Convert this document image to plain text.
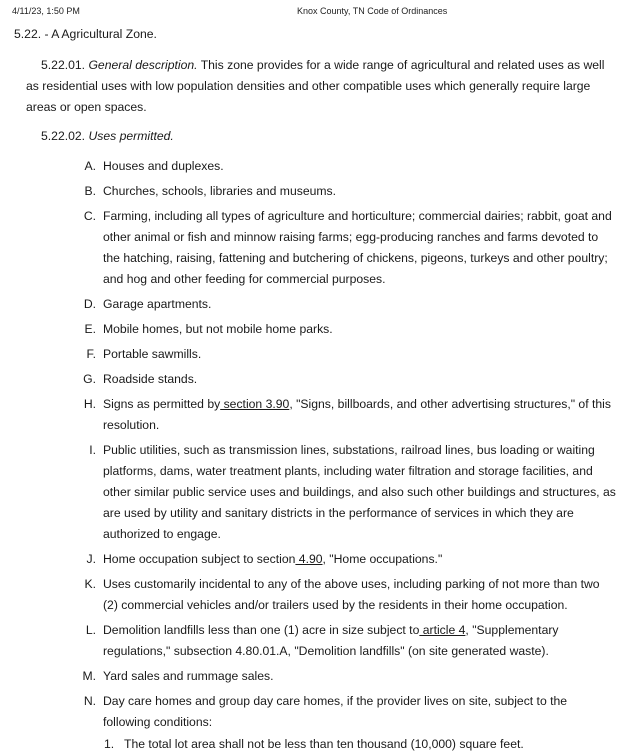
4/11/23, 1:50 PM	Knox County, TN Code of Ordinances
5.22. - A Agricultural Zone.

5.22.01. General description. This zone provides for a wide range of agricultural and related uses as well as residential uses with low population densities and other compatible uses which generally require large areas or open spaces.

5.22.02. Uses permitted.

A. Houses and duplexes.
B. Churches, schools, libraries and museums.
C. Farming, including all types of agriculture and horticulture; commercial dairies; rabbit, goat and other animal or fish and minnow raising farms; egg-producing ranches and farms devoted to the hatching, raising, fattening and butchering of chickens, pigeons, turkeys and other poultry; and hog and other feeding for commercial purposes.
D. Garage apartments.
E. Mobile homes, but not mobile home parks.
F. Portable sawmills.
G. Roadside stands.
H. Signs as permitted by section 3.90, "Signs, billboards, and other advertising structures," of this resolution.
I. Public utilities, such as transmission lines, substations, railroad lines, bus loading or waiting platforms, dams, water treatment plants, including water filtration and storage facilities, and other similar public service uses and buildings, and also such other buildings and structures, as are used by utility and sanitary districts in the performance of services in which they are authorized to engage.
J. Home occupation subject to section 4.90, "Home occupations."
K. Uses customarily incidental to any of the above uses, including parking of not more than two (2) commercial vehicles and/or trailers used by the residents in their home occupation.
L. Demolition landfills less than one (1) acre in size subject to article 4, "Supplementary regulations," subsection 4.80.01.A, "Demolition landfills" (on site generated waste).
M. Yard sales and rummage sales.
N. Day care homes and group day care homes, if the provider lives on site, subject to the following conditions:
1. The total lot area shall not be less than ten thousand (10,000) square feet.
